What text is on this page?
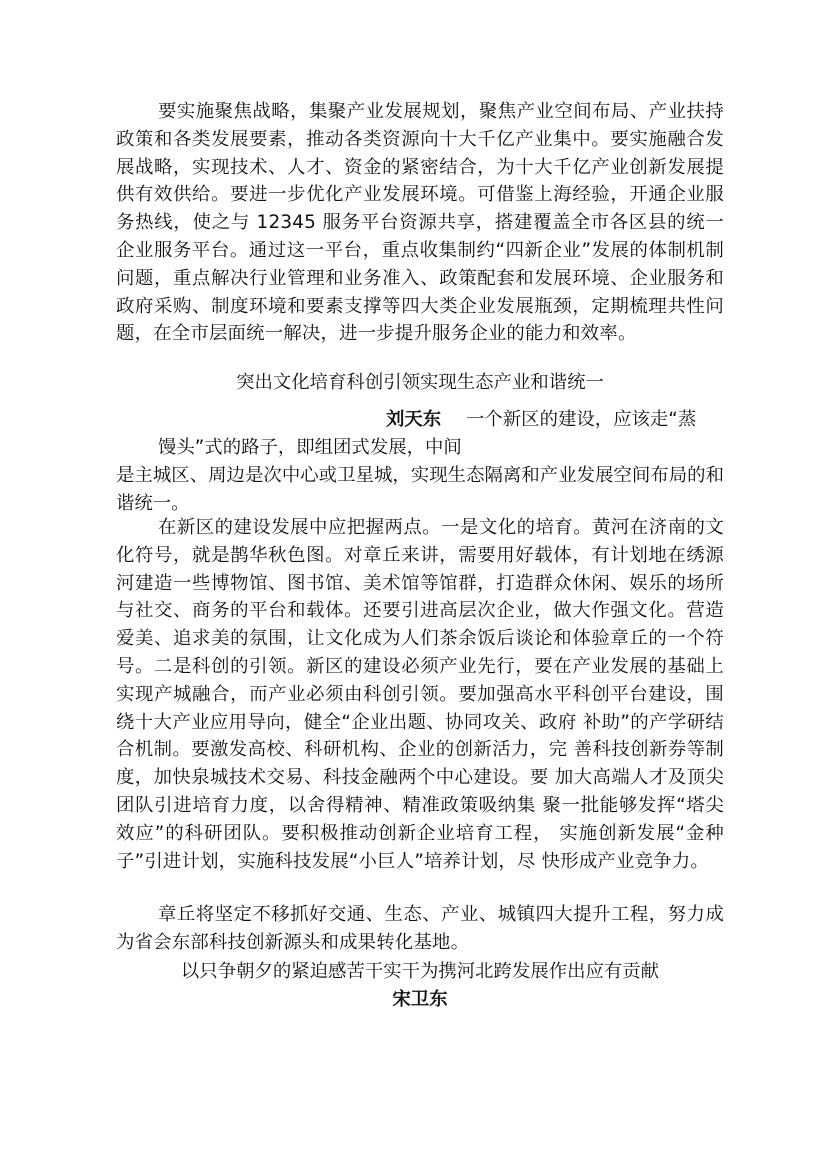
要实施聚焦战略，集聚产业发展规划，聚焦产业空间布局、产业扶持政策和各类发展要素，推动各类资源向十大千亿产业集中。要实施融合发展战略，实现技术、人才、资金的紧密结合，为十大千亿产业创新发展提供有效供给。要进一步优化产业发展环境。可借鉴上海经验，开通企业服务热线，使之与 12345 服务平台资源共享，搭建覆盖全市各区县的统一企业服务平台。通过这一平台，重点收集制约“四新企业”发展的体制机制问题，重点解决行业管理和业务准入、政策配套和发展环境、企业服务和政府采购、制度环境和要素支撑等四大类企业发展瓶颈，定期梳理共性问题，在全市层面统一解决，进一步提升服务企业的能力和效率。

突出文化培育科创引领实现生态产业和谐统一

刘天东 一个新区的建设，应该走“蒸
馒头”式的路子，即组团式发展，中间

是主城区、周边是次中心或卫星城，实现生态隔离和产业发展空间布局的和谐统一。

在新区的建设发展中应把握两点。一是文化的培育。黄河在济南的文化符号，就是鹊华秋色图。对章丘来讲，需要用好载体，有计划地在绣源河建造一些博物馆、图书馆、美术馆等馆群，打造群众休闲、娱乐的场所与社交、商务的平台和载体。还要引进高层次企业，做大作强文化。营造爱美、追求美的氛围，让文化成为人们茶余饭后谈论和体验章丘的一个符号。二是科创的引领。新区的建设必须产业先行，要在产业发展的基础上实现产城融合，而产业必须由科创引领。要加强高水平科创平台建设，围绕十大产业应用导向，健全“企业出题、协同攻关、政府 补助”的产学研结合机制。要激发高校、科研机构、企业的创新活力，完 善科技创新券等制度，加快泉城技术交易、科技金融两个中心建设。要 加大高端人才及顶尖团队引进培育力度，以舍得精神、精准政策吸纳集 聚一批能够发挥“塔尖效应”的科研团队。要积极推动创新企业培育工程， 实施创新发展“金种子”引进计划，实施科技发展“小巨人”培养计划，尽 快形成产业竞争力。

章丘将坚定不移抓好交通、生态、产业、城镇四大提升工程，努力成为省会东部科技创新源头和成果转化基地。

以只争朝夕的紧迫感苦干实干为携河北跨发展作出应有贡献

宋卫东
